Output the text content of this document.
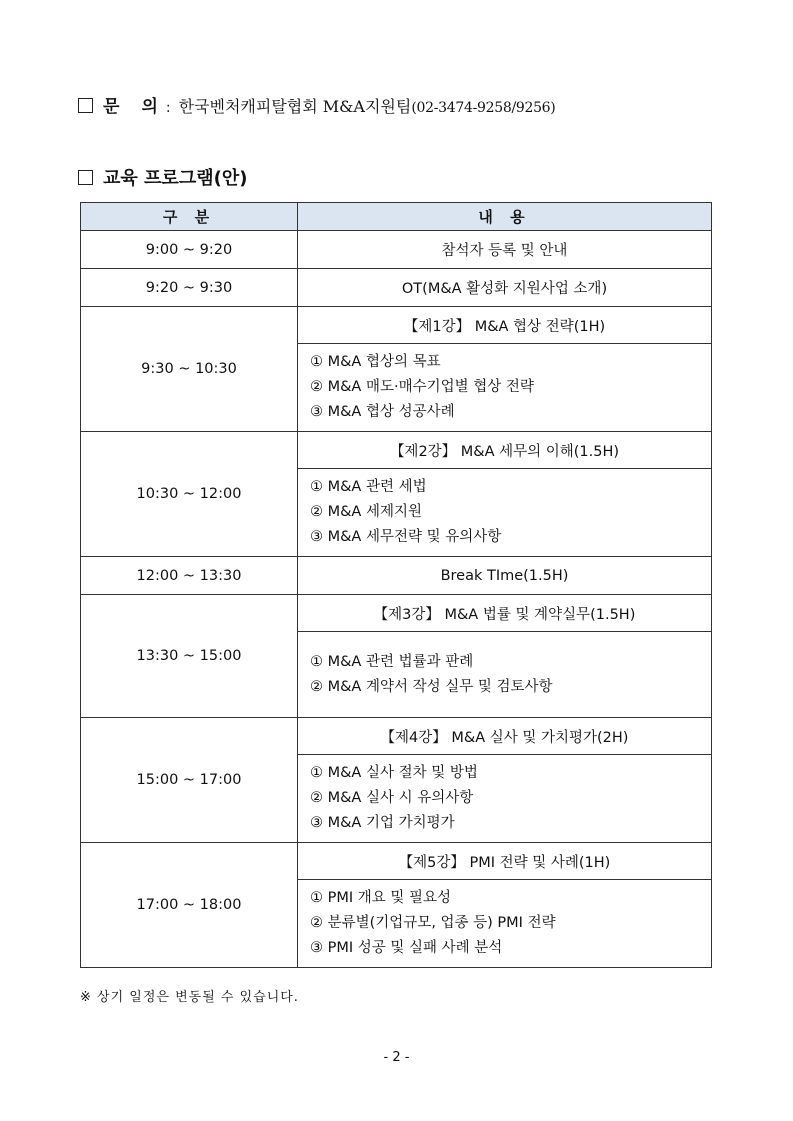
문 의 : 한국벤처캐피탈협회 M&A지원팀(02-3474-9258/9256)
교육 프로그램(안)
구 분	내 용
9:00 ~ 9:20	참석자 등록 및 안내
9:20 ~ 9:30	OT(M&A 활성화 지원사업 소개)
9:30 ~ 10:30	【제1강】 M&A 협상 전략(1H)

	① M&A 협상의 목표
② M&A 매도·매수기업별 협상 전략
③ M&A 협상 성공사례

10:30 ~ 12:00	【제2강】 M&A 세무의 이해(1.5H)

	① M&A 관련 세법
② M&A 세제지원
③ M&A 세무전략 및 유의사항

12:00 ~ 13:30	Break TIme(1.5H)
13:30 ~ 15:00	【제3강】 M&A 법률 및 계약실무(1.5H)

	① M&A 관련 법률과 판례
② M&A 계약서 작성 실무 및 검토사항

15:00 ~ 17:00	【제4강】 M&A 실사 및 가치평가(2H)

	① M&A 실사 절차 및 방법
② M&A 실사 시 유의사항
③ M&A 기업 가치평가

17:00 ~ 18:00	【제5강】 PMI 전략 및 사례(1H)

	① PMI 개요 및 필요성
② 분류별(기업규모, 업종 등) PMI 전략
③ PMI 성공 및 실패 사례 분석
※ 상기 일정은 변동될 수 있습니다.
- 2 -
